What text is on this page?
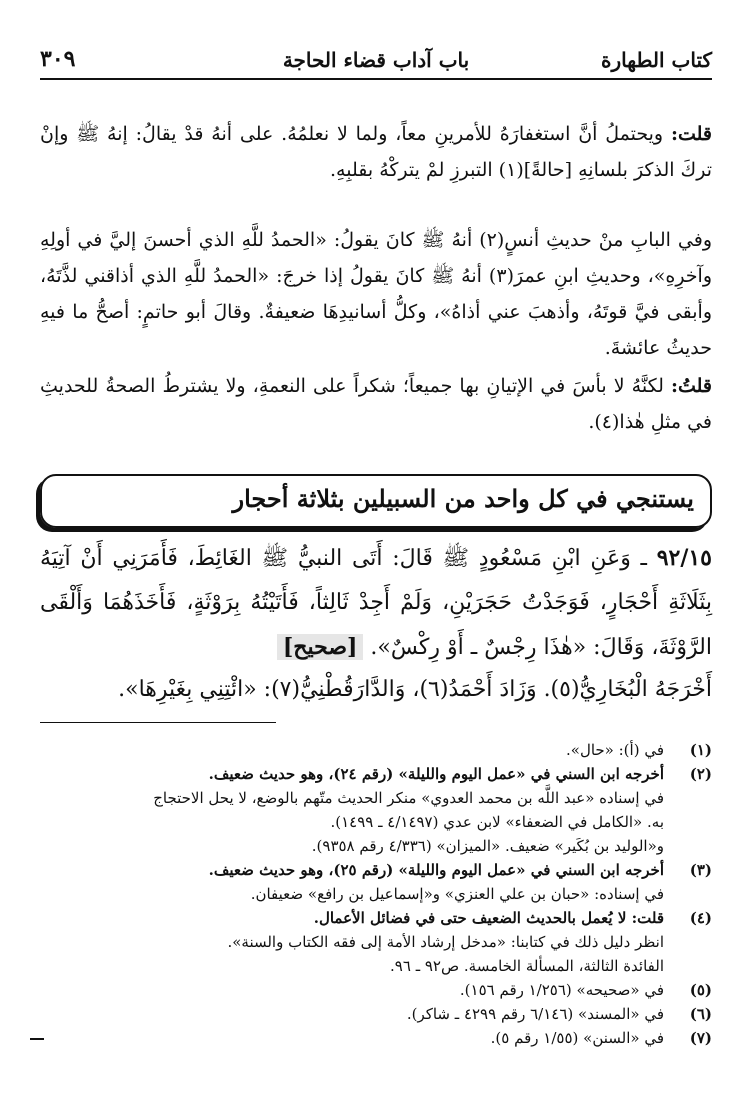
كتاب الطهارة
باب آداب قضاء الحاجة
٣٠٩
قلت: ويحتملُ أنَّ استغفارَهُ للأمرينِ معاً، ولما لا نعلمُهُ. على أنهُ قدْ يقالُ: إنهُ ﷺ وإنْ تركَ الذكرَ بلسانِهِ [حالةً](١) التبرزِ لمْ يتركْهُ بقلبِهِ.
وفي البابِ منْ حديثِ أنسٍ(٢) أنهُ ﷺ كانَ يقولُ: «الحمدُ للَّهِ الذي أحسنَ إليَّ في أولِهِ وآخرِهِ»، وحديثِ ابنِ عمرَ(٣) أنهُ ﷺ كانَ يقولُ إذا خرجَ: «الحمدُ للَّهِ الذي أذاقني لذَّتَهُ، وأبقى فيَّ قوتَهُ، وأذهبَ عني أذاهُ»، وكلُّ أسانيدِهَا ضعيفةٌ. وقالَ أبو حاتمٍ: أصحُّ ما فيهِ حديثُ عائشةَ.
قلتُ: لكنَّهُ لا بأسَ في الإتيانِ بها جميعاً؛ شكراً على النعمةِ، ولا يشترطُ الصحةُ للحديثِ في مثلِ هٰذا(٤).
يستنجي في كل واحد من السبيلين بثلاثة أحجار
٩٢/١٥ ـ وَعَنِ ابْنِ مَسْعُودٍ ﷺ قَالَ: أَتَى النبيُّ ﷺ الغَائِطَ، فَأَمَرَنِي أَنْ آتِيَهُ بِثَلَاثَةِ أَحْجَارٍ، فَوَجَدْتُ حَجَرَيْنِ، وَلَمْ أَجِدْ ثَالِثاً، فَأَتَيْتُهُ بِرَوْثَةٍ، فَأَخَذَهُمَا وَأَلْقَى الرَّوْثَةَ، وَقَالَ: «هٰذَا رِجْسٌ ـ أَوْ رِكْسٌ». [صحيح]
أَخْرَجَهُ الْبُخَارِيُّ(٥). وَزَادَ أَحْمَدُ(٦)، وَالدَّارَقُطْنِيُّ(٧): «ائْتِنِي بِغَيْرِهَا».
(١)
في (أ): «حال».
(٢)
أخرجه ابن السني في «عمل اليوم والليلة» (رقم ٢٤)، وهو حديث ضعيف.
في إسناده «عبد اللَّه بن محمد العدوي» منكر الحديث متّهم بالوضع، لا يحل الاحتجاج
به. «الكامل في الضعفاء» لابن عدي (٤/١٤٩٧ ـ ١٤٩٩).
و«الوليد بن بُكَير» ضعيف. «الميزان» (٤/٣٣٦ رقم ٩٣٥٨).
(٣)
أخرجه ابن السني في «عمل اليوم والليلة» (رقم ٢٥)، وهو حديث ضعيف.
في إسناده: «حبان بن علي العنزي» و«إسماعيل بن رافع» ضعيفان.
(٤)
قلت: لا يُعمل بالحديث الضعيف حتى في فضائل الأعمال.
انظر دليل ذلك في كتابنا: «مدخل إرشاد الأمة إلى فقه الكتاب والسنة».
الفائدة الثالثة، المسألة الخامسة. ص٩٢ ـ ٩٦.
(٥)
في «صحيحه» (١/٢٥٦ رقم ١٥٦).
(٦)
في «المسند» (٦/١٤٦ رقم ٤٢٩٩ ـ شاكر).
(٧)
في «السنن» (١/٥٥ رقم ٥).
